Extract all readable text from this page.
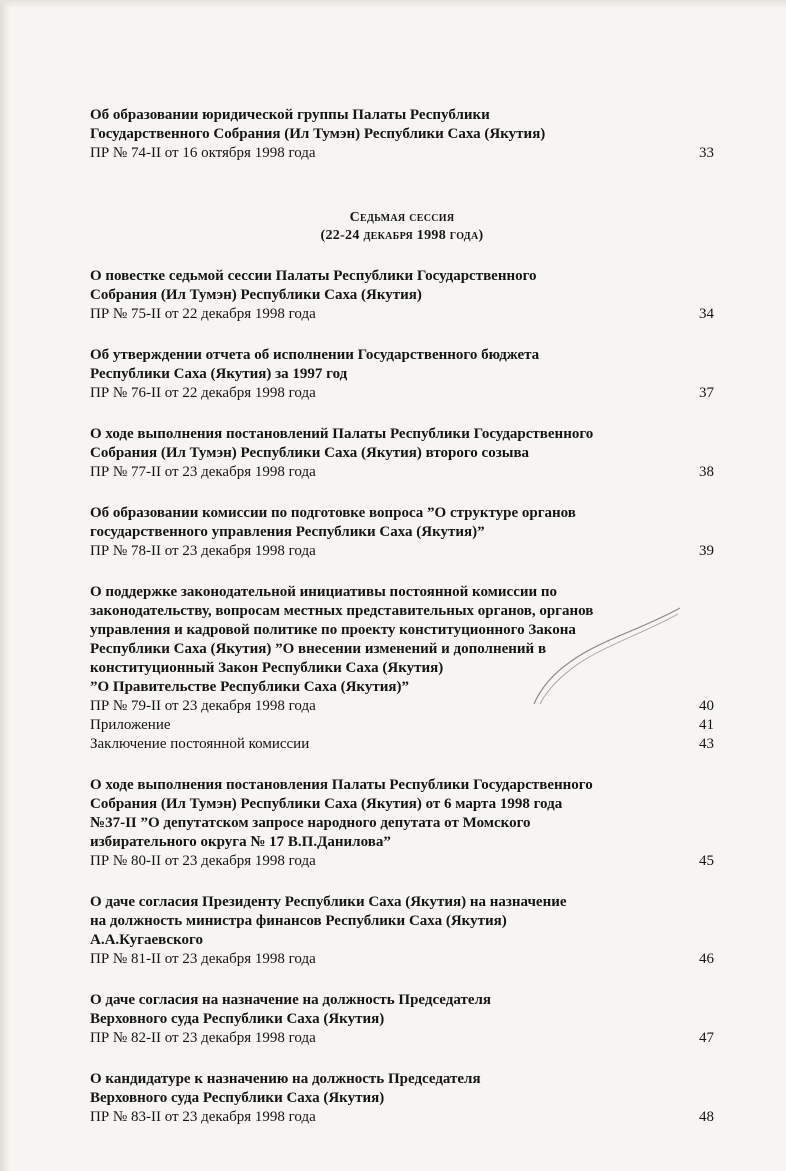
Об образовании юридической группы Палаты Республики
Государственного Собрания (Ил Тумэн) Республики Саха (Якутия)

ПР № 74-II от 16 октября 1998 года	33

Седьмая сессия

(22-24 декабря 1998 года)

О повестке седьмой сессии Палаты Республики Государственного
Собрания (Ил Тумэн) Республики Саха (Якутия)

ПР № 75-II от 22 декабря 1998 года	34

Об утверждении отчета об исполнении Государственного бюджета
Республики Саха (Якутия) за 1997 год

ПР № 76-II от 22 декабря 1998 года	37

О ходе выполнения постановлений Палаты Республики Государственного
Собрания (Ил Тумэн) Республики Саха (Якутия) второго созыва

ПР № 77-II от 23 декабря 1998 года	38

Об образовании комиссии по подготовке вопроса ”О структуре органов
государственного управления Республики Саха (Якутия)”

ПР № 78-II от 23 декабря 1998 года	39

О поддержке законодательной инициативы постоянной комиссии по
законодательству, вопросам местных представительных органов, органов
управления и кадровой политике по проекту конституционного Закона
Республики Саха (Якутия) ”О внесении изменений и дополнений в
конституционный Закон Республики Саха (Якутия)
”О Правительстве Республики Саха (Якутия)”

ПР № 79-II от 23 декабря 1998 года	40

Приложение	41

Заключение постоянной комиссии	43

О ходе выполнения постановления Палаты Республики Государственного
Собрания (Ил Тумэн) Республики Саха (Якутия) от 6 марта 1998 года
№37-II ”О депутатском запросе народного депутата от Момского
избирательного округа № 17 В.П.Данилова”

ПР № 80-II от 23 декабря 1998 года	45

О даче согласия Президенту Республики Саха (Якутия) на назначение
на должность министра финансов Республики Саха (Якутия)
А.А.Кугаевского

ПР № 81-II от 23 декабря 1998 года	46

О даче согласия на назначение на должность Председателя
Верховного суда Республики Саха (Якутия)

ПР № 82-II от 23 декабря 1998 года	47

О кандидатуре к назначению на должность Председателя
Верховного суда Республики Саха (Якутия)

ПР № 83-II от 23 декабря 1998 года	48
